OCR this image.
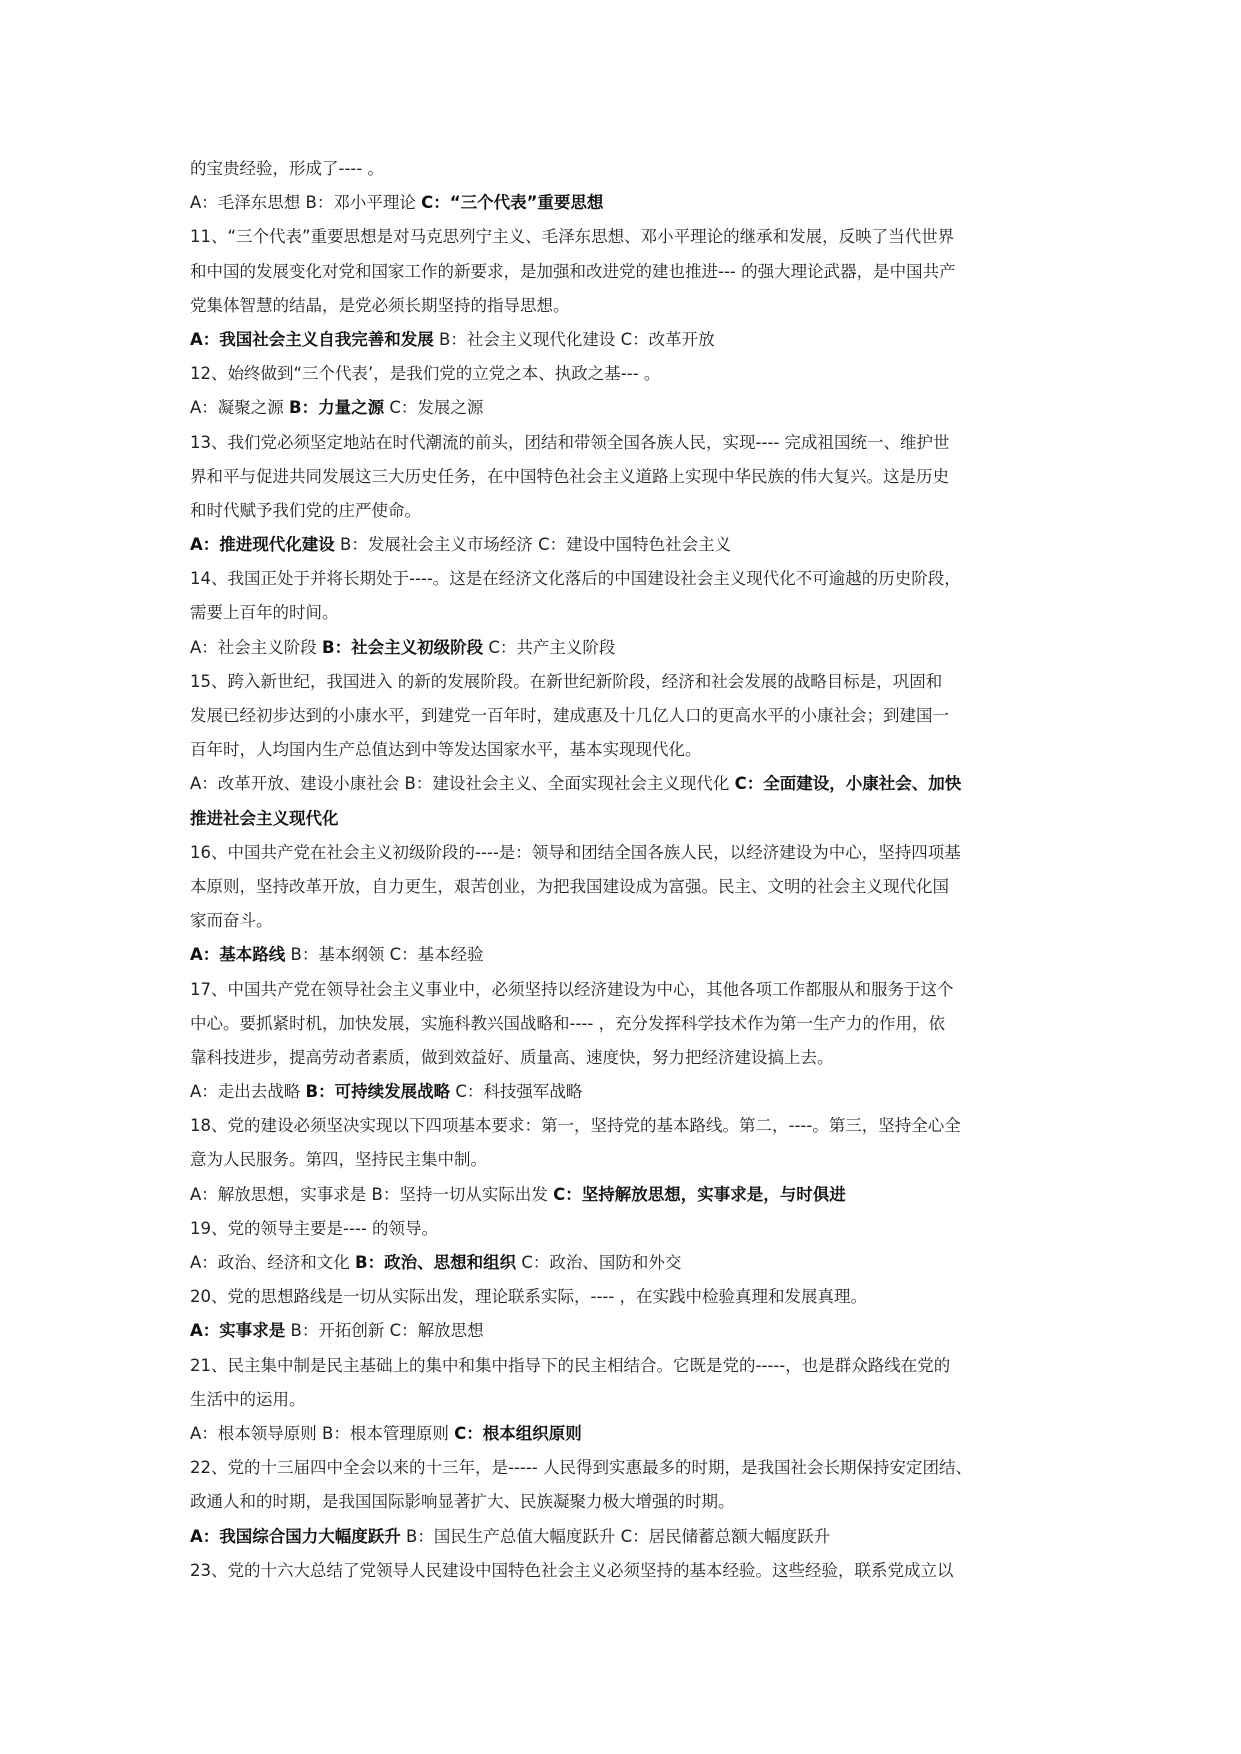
的宝贵经验，形成了---- 。
A：毛泽东思想 B：邓小平理论 C：“三个代表”重要思想
11、“三个代表”重要思想是对马克思列宁主义、毛泽东思想、邓小平理论的继承和发展，反映了当代世界
和中国的发展变化对党和国家工作的新要求，是加强和改进党的建也推进--- 的强大理论武器，是中国共产
党集体智慧的结晶，是党必须长期坚持的指导思想。
A：我国社会主义自我完善和发展 B：社会主义现代化建设 C：改革开放
12、始终做到“三个代表’，是我们党的立党之本、执政之基--- 。
A：凝聚之源 B：力量之源 C：发展之源
13、我们党必须坚定地站在时代潮流的前头，团结和带领全国各族人民，实现---- 完成祖国统一、维护世
界和平与促进共同发展这三大历史任务，在中国特色社会主义道路上实现中华民族的伟大复兴。这是历史
和时代赋予我们党的庄严使命。
A：推进现代化建设 B：发展社会主义市场经济 C：建设中国特色社会主义
14、我国正处于并将长期处于----。这是在经济文化落后的中国建设社会主义现代化不可逾越的历史阶段，
需要上百年的时间。
A：社会主义阶段 B：社会主义初级阶段 C：共产主义阶段
15、跨入新世纪，我国进入 的新的发展阶段。在新世纪新阶段，经济和社会发展的战略目标是，巩固和
发展已经初步达到的小康水平，到建党一百年时，建成惠及十几亿人口的更高水平的小康社会；到建国一
百年时，人均国内生产总值达到中等发达国家水平，基本实现现代化。
A：改革开放、建设小康社会 B：建设社会主义、全面实现社会主义现代化 C：全面建设，小康社会、加快
推进社会主义现代化
16、中国共产党在社会主义初级阶段的----是：领导和团结全国各族人民，以经济建设为中心，坚持四项基
本原则，坚持改革开放，自力更生，艰苦创业，为把我国建设成为富强。民主、文明的社会主义现代化国
家而奋斗。
A：基本路线 B：基本纲领 C：基本经验
17、中国共产党在领导社会主义事业中，必须坚持以经济建设为中心，其他各项工作都服从和服务于这个
中心。要抓紧时机，加快发展，实施科教兴国战略和---- ，充分发挥科学技术作为第一生产力的作用，依
靠科技进步，提高劳动者素质，做到效益好、质量高、速度快，努力把经济建设搞上去。
A：走出去战略 B：可持续发展战略 C：科技强军战略
18、党的建设必须坚决实现以下四项基本要求：第一，坚持党的基本路线。第二，----。第三，坚持全心全
意为人民服务。第四，坚持民主集中制。
A：解放思想，实事求是 B：坚持一切从实际出发 C：坚持解放思想，实事求是，与时俱进
19、党的领导主要是---- 的领导。
A：政治、经济和文化 B：政治、思想和组织 C：政治、国防和外交
20、党的思想路线是一切从实际出发，理论联系实际，---- ，在实践中检验真理和发展真理。
A：实事求是 B：开拓创新 C：解放思想
21、民主集中制是民主基础上的集中和集中指导下的民主相结合。它既是党的-----，也是群众路线在党的
生活中的运用。
A：根本领导原则 B：根本管理原则 C：根本组织原则
22、党的十三届四中全会以来的十三年，是----- 人民得到实惠最多的时期，是我国社会长期保持安定团结、
政通人和的时期，是我国国际影响显著扩大、民族凝聚力极大增强的时期。
A：我国综合国力大幅度跃升 B：国民生产总值大幅度跃升 C：居民储蓄总额大幅度跃升
23、党的十六大总结了党领导人民建设中国特色社会主义必须坚持的基本经验。这些经验，联系党成立以
